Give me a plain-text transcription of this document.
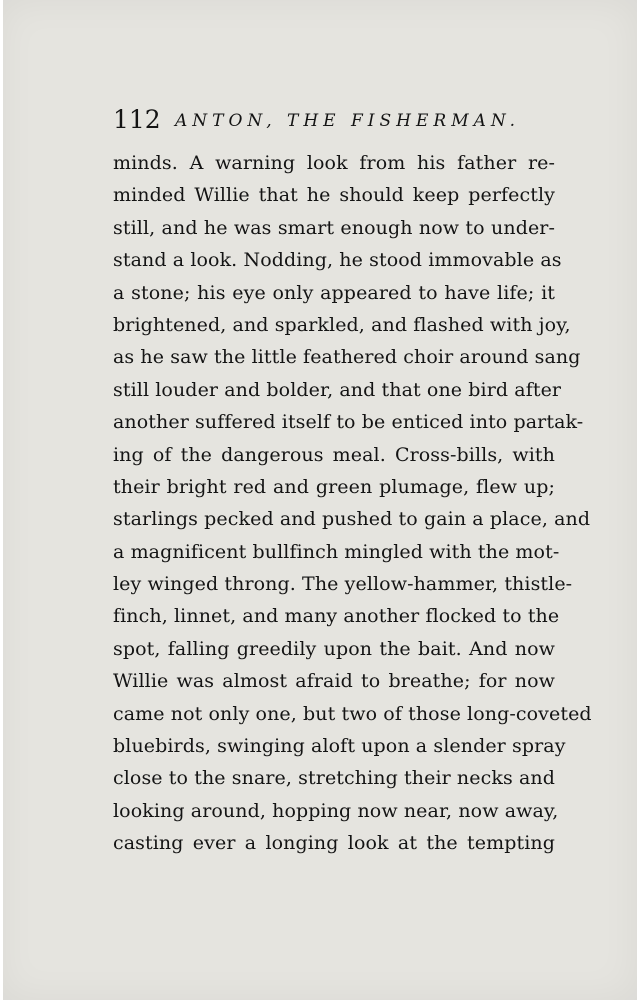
112 ANTON, THE FISHERMAN.
minds. A warning look from his father re-
minded Willie that he should keep perfectly
still, and he was smart enough now to under-
stand a look. Nodding, he stood immovable as
a stone; his eye only appeared to have life; it
brightened, and sparkled, and flashed with joy,
as he saw the little feathered choir around sang
still louder and bolder, and that one bird after
another suffered itself to be enticed into partak-
ing of the dangerous meal. Cross-bills, with
their bright red and green plumage, flew up;
starlings pecked and pushed to gain a place, and
a magnificent bullfinch mingled with the mot-
ley winged throng. The yellow-hammer, thistle-
finch, linnet, and many another flocked to the
spot, falling greedily upon the bait. And now
Willie was almost afraid to breathe; for now
came not only one, but two of those long-coveted
bluebirds, swinging aloft upon a slender spray
close to the snare, stretching their necks and
looking around, hopping now near, now away,
casting ever a longing look at the tempting
